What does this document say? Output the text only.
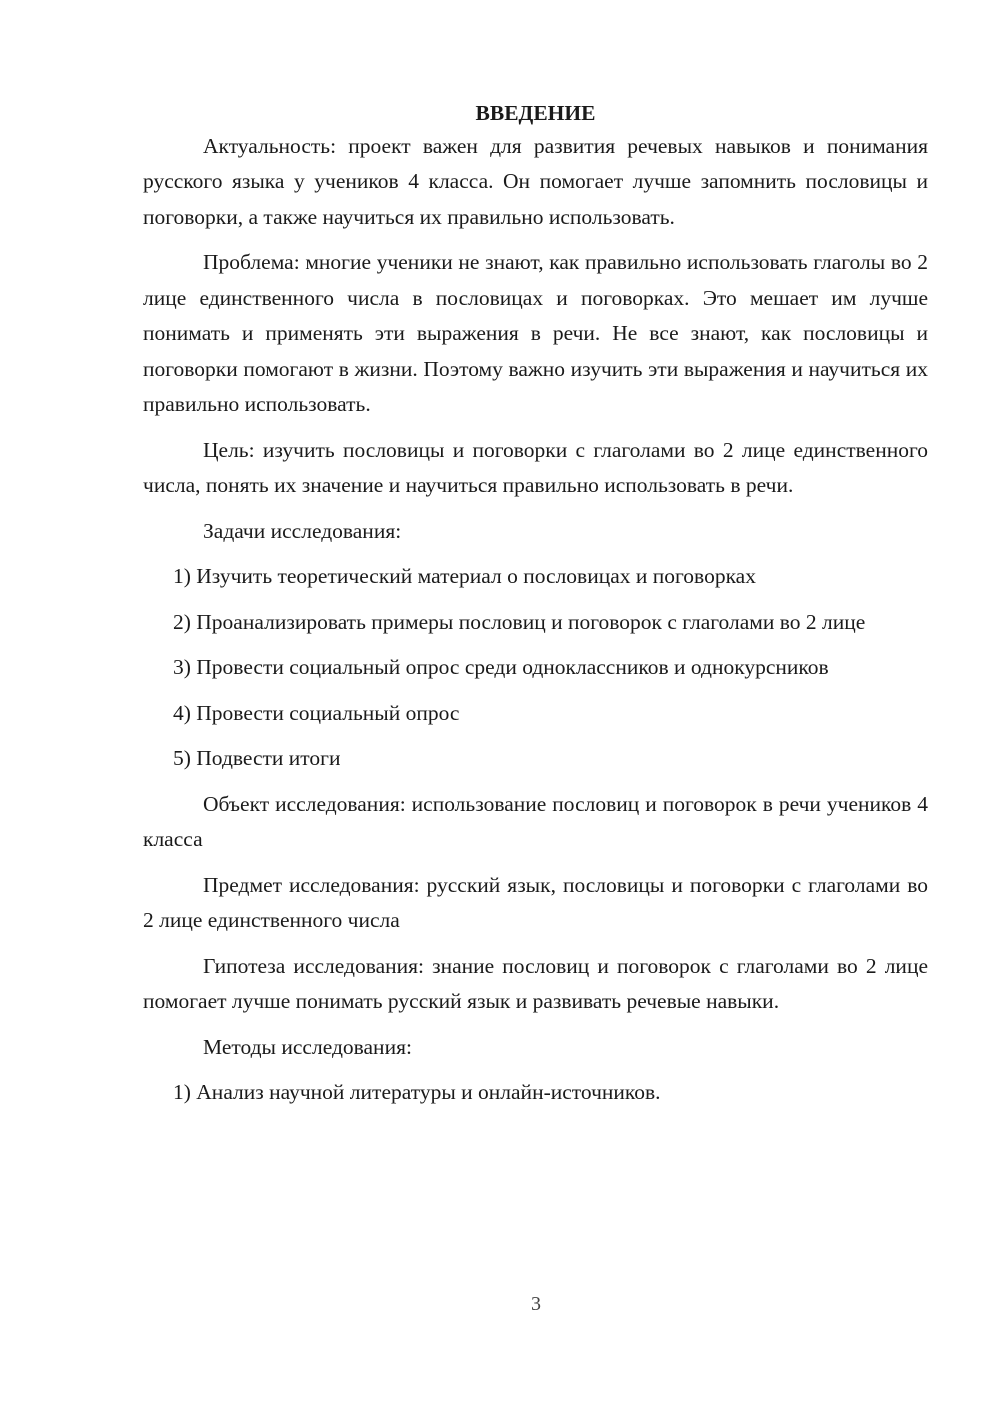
ВВЕДЕНИЕ

Актуальность: проект важен для развития речевых навыков и понимания русского языка у учеников 4 класса. Он помогает лучше запомнить пословицы и поговорки, а также научиться их правильно использовать.

Проблема: многие ученики не знают, как правильно использовать глаголы во 2 лице единственного числа в пословицах и поговорках. Это мешает им лучше понимать и применять эти выражения в речи. Не все знают, как пословицы и поговорки помогают в жизни. Поэтому важно изучить эти выражения и научиться их правильно использовать.

Цель: изучить пословицы и поговорки с глаголами во 2 лице единственного числа, понять их значение и научиться правильно использовать в речи.

Задачи исследования:

1) Изучить теоретический материал о пословицах и поговорках

2) Проанализировать примеры пословиц и поговорок с глаголами во 2 лице

3) Провести социальный опрос среди одноклассников и однокурсников

4) Провести социальный опрос

5) Подвести итоги

Объект исследования: использование пословиц и поговорок в речи учеников 4 класса

Предмет исследования: русский язык, пословицы и поговорки с глаголами во 2 лице единственного числа

Гипотеза исследования: знание пословиц и поговорок с глаголами во 2 лице помогает лучше понимать русский язык и развивать речевые навыки.

Методы исследования:

1) Анализ научной литературы и онлайн-источников.

3
